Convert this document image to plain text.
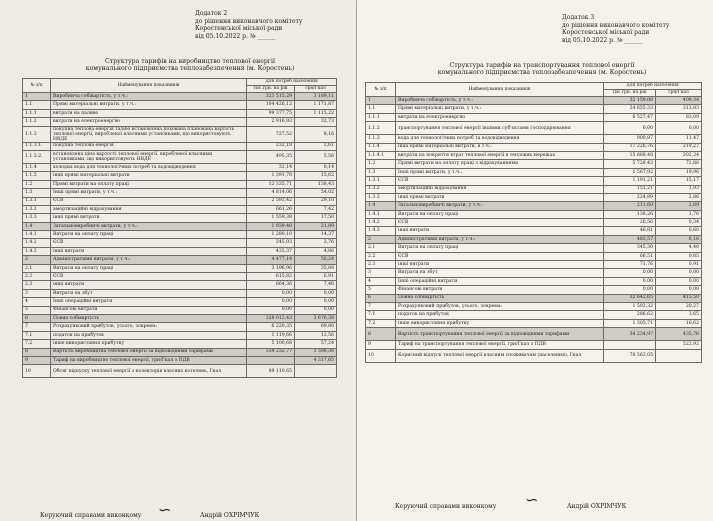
Додаток 2
до рішення виконавчого комітету
Коростенської міської ради
від 05.10.2022 р. № ______
Структура тарифів на виробництво теплової енергії
комунального підприємства теплозабезпечення (м. Коростень)
№ з/п	Найменування показників	Для потреб населення	
		тис.грн. на рік	грн/Гкал
1	Виробнича собівартість, у т.ч.:	323 515,29	3 189,11
1.1	Прямі матеріальні витрати, у т.ч.:	104 426,12	1 171,87
1.1.1	витрати на паливо	99 377,75	1 115,22
1.1.2	витрати на електроенергію	2 916,93	32,73
1.1.3	покупна теплова енергія та/або встановлена похована планована вартість теплової енергії, виробленої власними установками, що використовують НВДЕ	727,52	8,16
1.1.3.1.	покупна теплова енергія	232,18	2,61
1.1.3.2.	встановлена ціна вартості теплової енергії, виробленої власними установками, що використовують НВДЕ	495,35	5,56
1.1.4	холодна вода для технологічних потреб та водовідведення	32,14	0,14
1.1.5	інші прямі матеріальні витрати	1 391,78	15,62
1.2	Прямі витрати на оплату праці	12 335,71	138,43
1.3	Інші прямі витрати, у т.ч.:	4 814,06	54,02
1.3.1	ЄСВ	2 593,42	29,10
1.3.2	амортизаційні відрахування	661,26	7,42
1.3.3	інші прямі витрати	1 559,38	17,50
1.4	Загальновиробничі витрати, у т.ч.:	1 939,40	21,89
1.4.1	Витрати на оплату праці	1 280,10	14,37
1.4.2	ЄСВ	245,93	2,76
1.4.3	інші витрати	433,37	4,86
2	Адміністративні витрати, у т.ч.:	4 477,14	50,24
2.1	Витрати на оплату праці	3 196,96	35,88
2.2	ЄСВ	615,82	6,91
2.3	інші витрати	664,36	7,46
3	Витрати на збут	0,00	0,00
4	Інші операційні витрати	0,00	0,00
5	Фінансові витрати	0,00	0,00
6	Повна собівартість	328 012,43	3 676,38
7	Розрахунковий прибуток, усього, зокрема:	6 220,35	69,80
7.1	податок на прибуток	1 119,66	12,56
7.2	інше використання прибутку	5 100,68	57,24
8	Вартість виробництва теплової енергії за відповідними тарифами	334 232,77	3 596,36
9	Тариф на виробництво теплової енергії, грн/Гкал з ПДВ		4 317,65
10	Обсяг відпуску теплової енергії з колекторів власних котелень, Гкал	89 110,65	
Керуючий справами виконкому	Андрій ОХРІМЧУК
∽
Додаток 3
до рішення виконавчого комітету
Коростенської міської ради
від 05.10.2022 р. № ______
Структура тарифів на транспортування теплової енергії
комунального підприємства теплозабезпечення (м. Коростень)
№ з/п	Найменування показників	Для потреб населення	
		тис.грн. на рік	грн/Гкал
1	Виробнича собівартість, у т.ч.:	32 159,08	409,34
1.1	Прямі матеріальні витрати, у т.ч.:	24 655,33	313,83
1.1.1	витрати на електроенергію	6 527,47	83,09
1.1.2	транспортування теплової енергії іншими суб'єктами господарювання	0,00	0,00
1.1.3	вода для технологічних потреб та водовідведення	900,87	11,47
1.1.4	інші прямі матеріальні витрати, в т.ч.:	17 226,76	219,27
1.1.4.1	витрати на покриття втрат теплової енергії в теплових мережах	15 888,48	202,24
1.2	Прямі витрати на оплату праці з відрахуваннями	5 728,43	72,86
1.3	Інші прямі витрати, у т.ч.:	1 567,92	19,96
1.3.1	ЄСВ	1 191,21	15,17
1.3.2	амортизаційні відрахування	151,21	1,93
1.3.3	інші прямі витрати	224,89	2,86
1.4	Загальновиробничі витрати, у т.ч.:	211,60	2,69
1.4.1	Витрати на оплату праці	138,26	1,76
1.4.2	ЄСВ	26,56	0,34
1.4.3	інші витрати	46,81	0,60
2	Адміністративні витрати, у т.ч.:	483,57	6,16
2.1	Витрати на оплату праці	345,30	4,40
2.2	ЄСВ	66,51	0,85
2.3	інші витрати	71,76	0,91
3	Витрати на збут	0,00	0,00
4	Інші операційні витрати	0,00	0,00
5	Фінансові витрати	0,00	0,00
6	Повна собівартість	32 642,65	415,50
7	Розрахунковий прибуток, усього, зокрема:	1 592,32	20,27
7.1	податок на прибуток	286,62	3,65
7.2	інше використання прибутку	1 305,71	16,62
8	Вартість транспортування теплової енергії за відповідними тарифами	34 234,97	435,76
9	Тариф на транспортування теплової енергії, грн/Гкал з ПДВ		522,92
10	Корисний відпуск теплової енергії власним споживачам (населення), Гкал	78 563,05	
Керуючий справами виконкому	Андрій ОХРІМЧУК
∽
